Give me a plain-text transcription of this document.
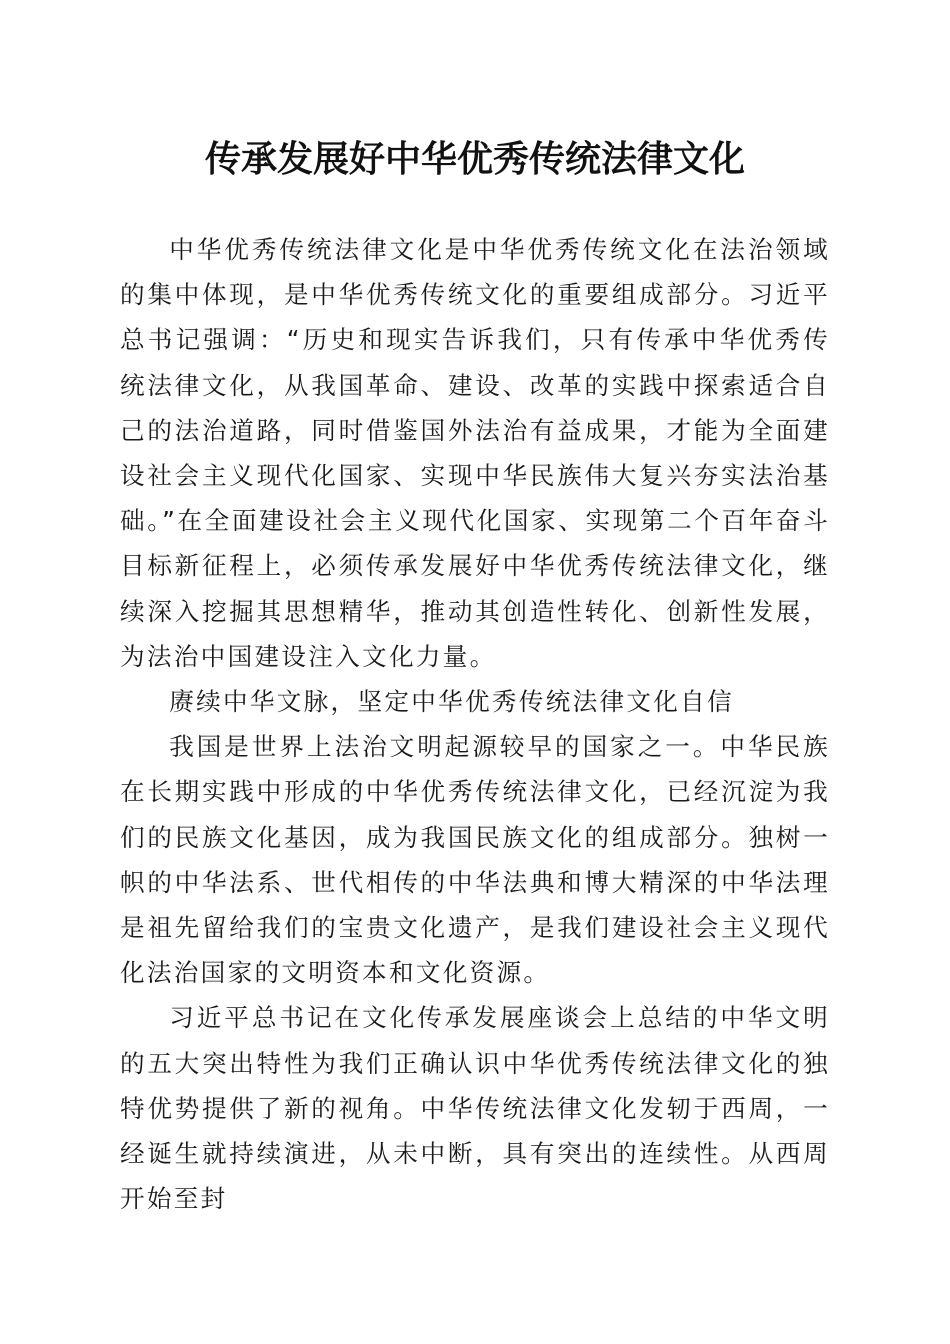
传承发展好中华优秀传统法律文化

中华优秀传统法律文化是中华优秀传统文化在法治领域的集中体现，是中华优秀传统文化的重要组成部分。习近平总书记强调：“历史和现实告诉我们，只有传承中华优秀传统法律文化，从我国革命、建设、改革的实践中探索适合自己的法治道路，同时借鉴国外法治有益成果，才能为全面建设社会主义现代化国家、实现中华民族伟大复兴夯实法治基础。”在全面建设社会主义现代化国家、实现第二个百年奋斗目标新征程上，必须传承发展好中华优秀传统法律文化，继续深入挖掘其思想精华，推动其创造性转化、创新性发展，为法治中国建设注入文化力量。

赓续中华文脉，坚定中华优秀传统法律文化自信

我国是世界上法治文明起源较早的国家之一。中华民族在长期实践中形成的中华优秀传统法律文化，已经沉淀为我们的民族文化基因，成为我国民族文化的组成部分。独树一帜的中华法系、世代相传的中华法典和博大精深的中华法理是祖先留给我们的宝贵文化遗产，是我们建设社会主义现代化法治国家的文明资本和文化资源。

习近平总书记在文化传承发展座谈会上总结的中华文明的五大突出特性为我们正确认识中华优秀传统法律文化的独特优势提供了新的视角。中华传统法律文化发轫于西周，一经诞生就持续演进，从未中断，具有突出的连续性。从西周开始至封
